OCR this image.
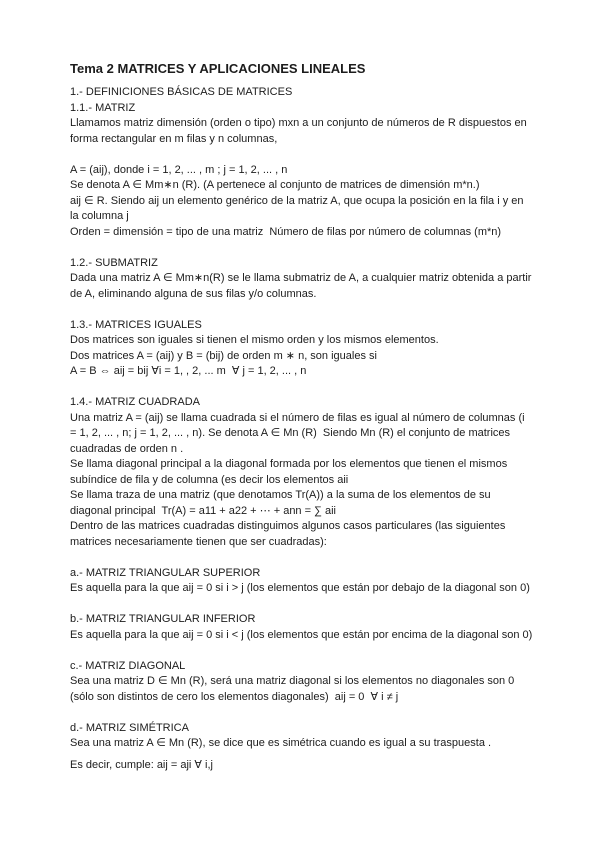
Tema 2 MATRICES Y APLICACIONES LINEALES

1.- DEFINICIONES BÁSICAS DE MATRICES

1.1.- MATRIZ

Llamamos matriz dimensión (orden o tipo) mxn a un conjunto de números de R dispuestos en forma rectangular en m filas y n columnas,

A = (aij), donde i = 1, 2, ... , m ; j = 1, 2, ... , n

Se denota A ∈ Mm∗n (R). (A pertenece al conjunto de matrices de dimensión m*n.)

aij ∈ R. Siendo aij un elemento genérico de la matriz A, que ocupa la posición en la fila i y en la columna j

Orden = dimensión = tipo de una matriz  Número de filas por número de columnas (m*n)

1.2.- SUBMATRIZ

Dada una matriz A ∈ Mm∗n(R) se le llama submatriz de A, a cualquier matriz obtenida a partir de A, eliminando alguna de sus filas y/o columnas.

1.3.- MATRICES IGUALES

Dos matrices son iguales si tienen el mismo orden y los mismos elementos.

Dos matrices A = (aij) y B = (bij) de orden m ∗ n, son iguales si

A = B ⇔ aij = bij ∀i = 1, , 2, ... m  ∀ j = 1, 2, ... , n

1.4.- MATRIZ CUADRADA

Una matriz A = (aij) se llama cuadrada si el número de filas es igual al número de columnas (i = 1, 2, ... , n; j = 1, 2, ... , n). Se denota A ∈ Mn (R)  Siendo Mn (R) el conjunto de matrices cuadradas de orden n .

Se llama diagonal principal a la diagonal formada por los elementos que tienen el mismos subíndice de fila y de columna (es decir los elementos aii

Se llama traza de una matriz (que denotamos Tr(A)) a la suma de los elementos de su diagonal principal  Tr(A) = a11 + a22 + ⋯ + ann = ∑ aii

Dentro de las matrices cuadradas distinguimos algunos casos particulares (las siguientes matrices necesariamente tienen que ser cuadradas):

a.- MATRIZ TRIANGULAR SUPERIOR

Es aquella para la que aij = 0 si i > j (los elementos que están por debajo de la diagonal son 0)

b.- MATRIZ TRIANGULAR INFERIOR

Es aquella para la que aij = 0 si i < j (los elementos que están por encima de la diagonal son 0)

c.- MATRIZ DIAGONAL

Sea una matriz D ∈ Mn (R), será una matriz diagonal si los elementos no diagonales son 0 (sólo son distintos de cero los elementos diagonales)  aij = 0  ∀ i ≠ j

d.- MATRIZ SIMÉTRICA

Sea una matriz A ∈ Mn (R), se dice que es simétrica cuando es igual a su traspuesta .

Es decir, cumple: aij = aji ∀ i,j
